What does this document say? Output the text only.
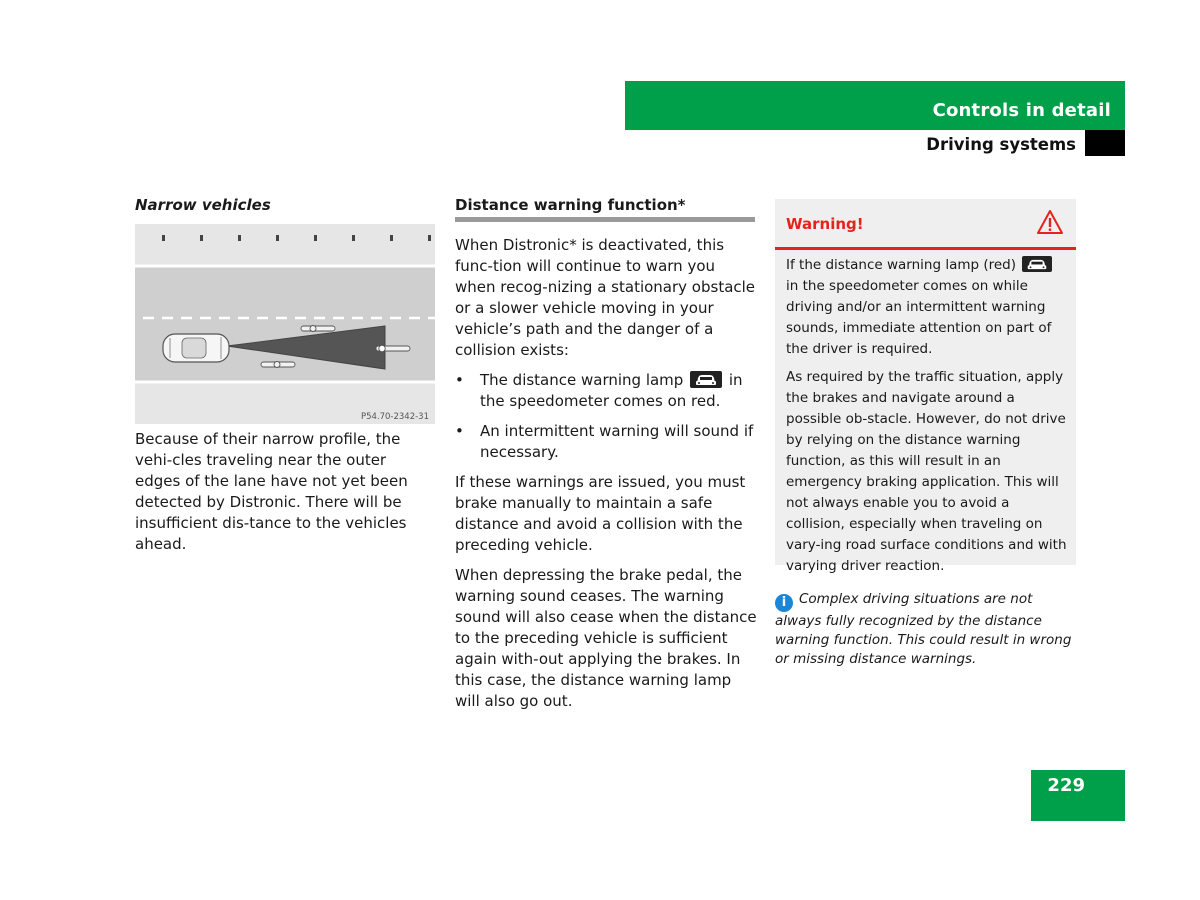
Controls in detail
Driving systems
Narrow vehicles
P54.70-2342-31
Because of their narrow profile, the vehi-cles traveling near the outer edges of the lane have not yet been detected by Distronic. There will be insufficient dis-tance to the vehicles ahead.
Distance warning function*

When Distronic* is deactivated, this func-tion will continue to warn you when recog-nizing a stationary obstacle or a slower vehicle moving in your vehicle’s path and the danger of a collision exists:

• The distance warning lamp	in the speedometer comes on red.
• An intermittent warning will sound if necessary.

If these warnings are issued, you must brake manually to maintain a safe distance and avoid a collision with the preceding vehicle.

When depressing the brake pedal, the warning sound ceases. The warning sound will also cease when the distance to the preceding vehicle is sufficient again with-out applying the brakes. In this case, the distance warning lamp will also go out.

Warning!

If the distance warning lamp (red)
in the speedometer comes on while driving and/or an intermittent warning sounds, immediate attention on part of the driver is required.

As required by the traffic situation, apply the brakes and navigate around a possible ob-stacle. However, do not drive by relying on the distance warning function, as this will result in an emergency braking application. This will not always enable you to avoid a collision, especially when traveling on vary-ing road surface conditions and with varying driver reaction.

i Complex driving situations are not always fully recognized by the distance warning function. This could result in wrong or missing distance warnings.
229
